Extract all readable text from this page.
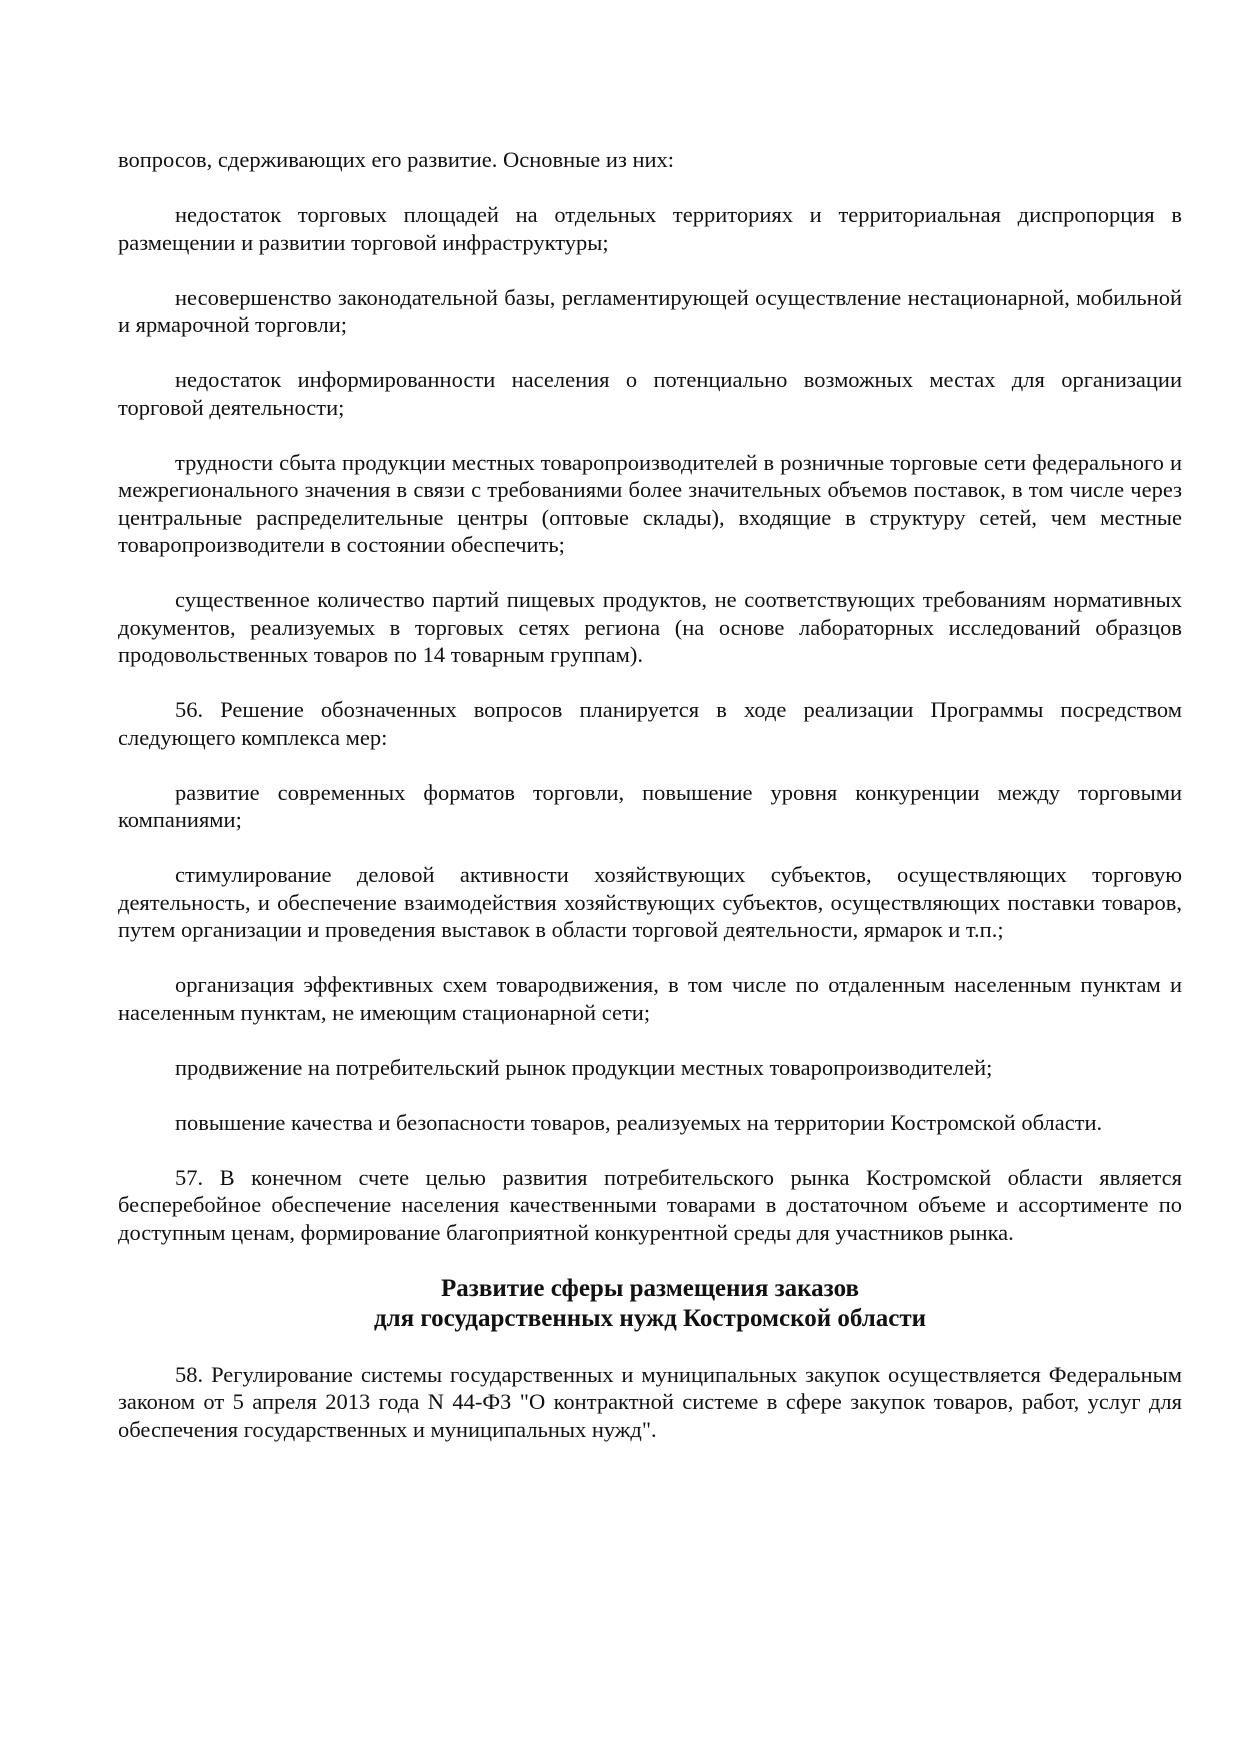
вопросов, сдерживающих его развитие. Основные из них:

недостаток торговых площадей на отдельных территориях и территориальная диспропорция в размещении и развитии торговой инфраструктуры;

несовершенство законодательной базы, регламентирующей осуществление нестационарной, мобильной и ярмарочной торговли;

недостаток информированности населения о потенциально возможных местах для организации торговой деятельности;

трудности сбыта продукции местных товаропроизводителей в розничные торговые сети федерального и межрегионального значения в связи с требованиями более значительных объемов поставок, в том числе через центральные распределительные центры (оптовые склады), входящие в структуру сетей, чем местные товаропроизводители в состоянии обеспечить;

существенное количество партий пищевых продуктов, не соответствующих требованиям нормативных документов, реализуемых в торговых сетях региона (на основе лабораторных исследований образцов продовольственных товаров по 14 товарным группам).

56. Решение обозначенных вопросов планируется в ходе реализации Программы посредством следующего комплекса мер:

развитие современных форматов торговли, повышение уровня конкуренции между торговыми компаниями;

стимулирование деловой активности хозяйствующих субъектов, осуществляющих торговую деятельность, и обеспечение взаимодействия хозяйствующих субъектов, осуществляющих поставки товаров, путем организации и проведения выставок в области торговой деятельности, ярмарок и т.п.;

организация эффективных схем товародвижения, в том числе по отдаленным населенным пунктам и населенным пунктам, не имеющим стационарной сети;

продвижение на потребительский рынок продукции местных товаропроизводителей;

повышение качества и безопасности товаров, реализуемых на территории Костромской области.

57. В конечном счете целью развития потребительского рынка Костромской области является бесперебойное обеспечение населения качественными товарами в достаточном объеме и ассортименте по доступным ценам, формирование благоприятной конкурентной среды для участников рынка.

Развитие сферы размещения заказов
для государственных нужд Костромской области

58. Регулирование системы государственных и муниципальных закупок осуществляется Федеральным законом от 5 апреля 2013 года N 44-ФЗ "О контрактной системе в сфере закупок товаров, работ, услуг для обеспечения государственных и муниципальных нужд".
